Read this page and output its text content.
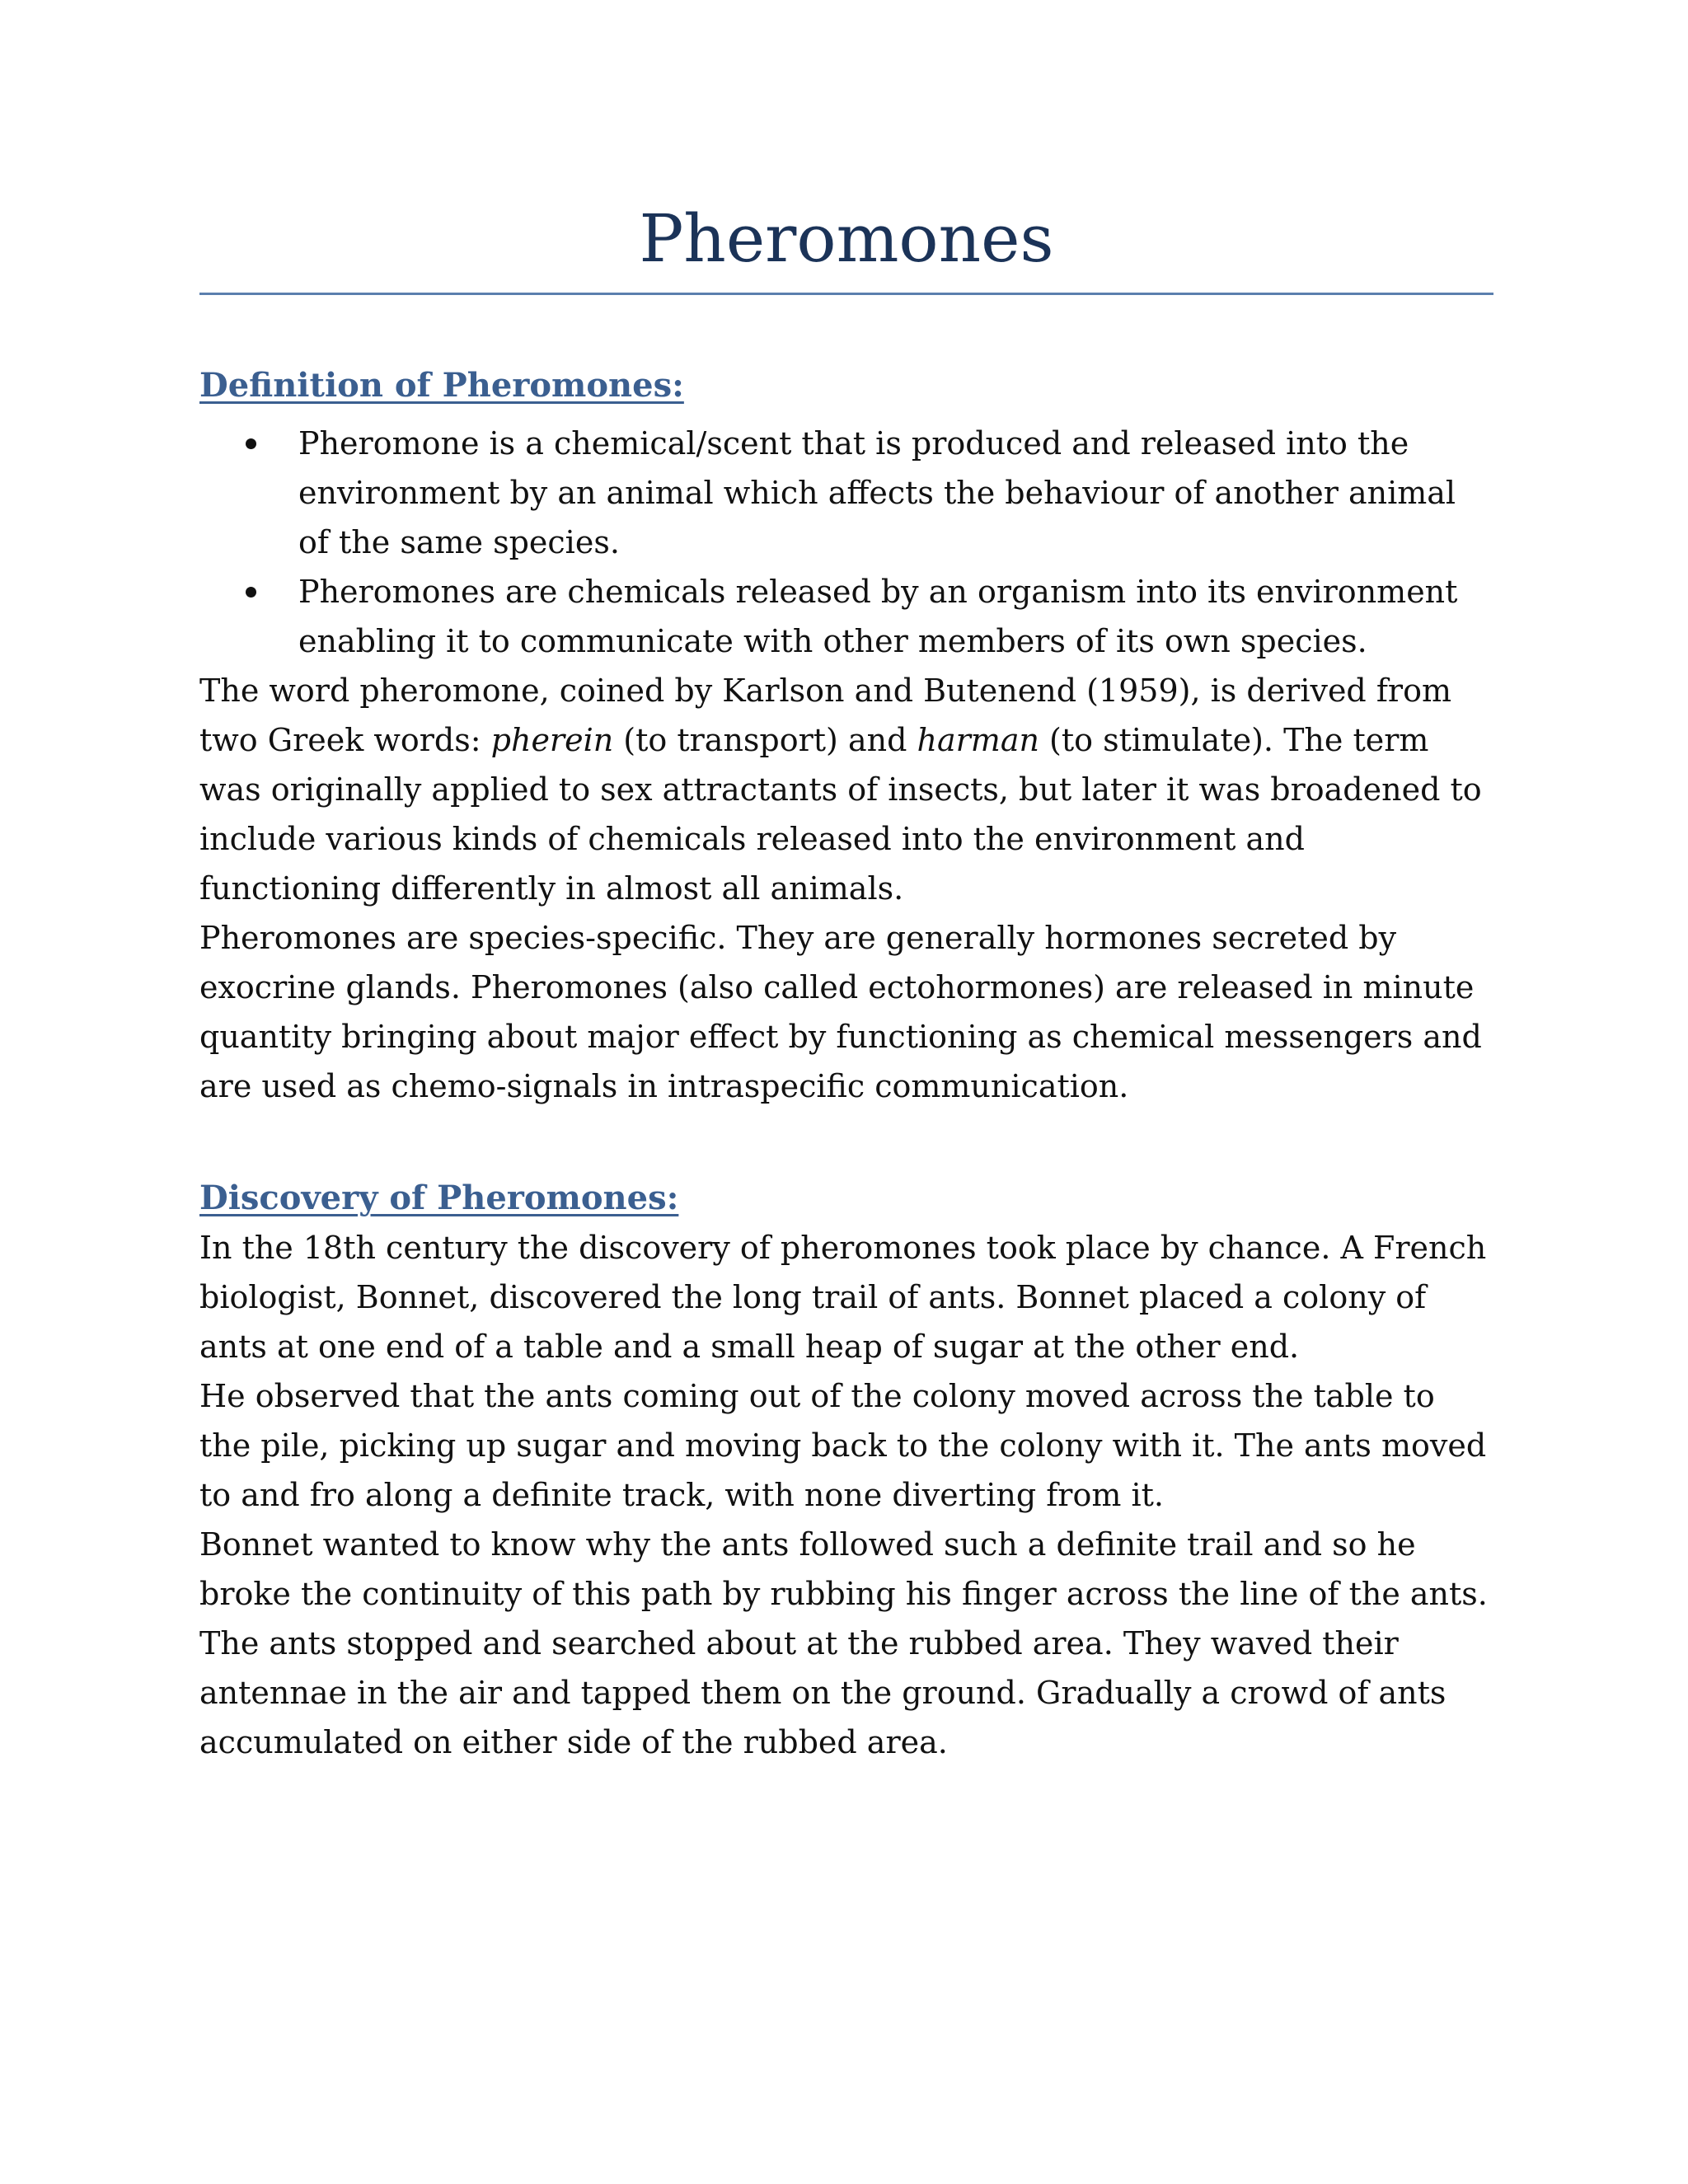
Pheromones
Definition of Pheromones:
Pheromone is a chemical/scent that is produced and released into the environment by an animal which affects the behaviour of another animal of the same species.
Pheromones are chemicals released by an organism into its environment enabling it to communicate with other members of its own species.

The word pheromone, coined by Karlson and Butenend (1959), is derived from two Greek words: pherein (to transport) and harman (to stimulate). The term was originally applied to sex attractants of insects, but later it was broadened to include various kinds of chemicals released into the environment and functioning differently in almost all animals.

Pheromones are species-specific. They are generally hormones secreted by exocrine glands. Pheromones (also called ectohormones) are released in minute quantity bringing about major effect by functioning as chemical messengers and are used as chemo-signals in intraspecific communication.

Discovery of Pheromones:

In the 18th century the discovery of pheromones took place by chance. A French biologist, Bonnet, discovered the long trail of ants. Bonnet placed a colony of ants at one end of a table and a small heap of sugar at the other end.

He observed that the ants coming out of the colony moved across the table to the pile, picking up sugar and moving back to the colony with it. The ants moved to and fro along a definite track, with none diverting from it.

Bonnet wanted to know why the ants followed such a definite trail and so he broke the continuity of this path by rubbing his finger across the line of the ants. The ants stopped and searched about at the rubbed area. They waved their antennae in the air and tapped them on the ground. Gradually a crowd of ants accumulated on either side of the rubbed area.
